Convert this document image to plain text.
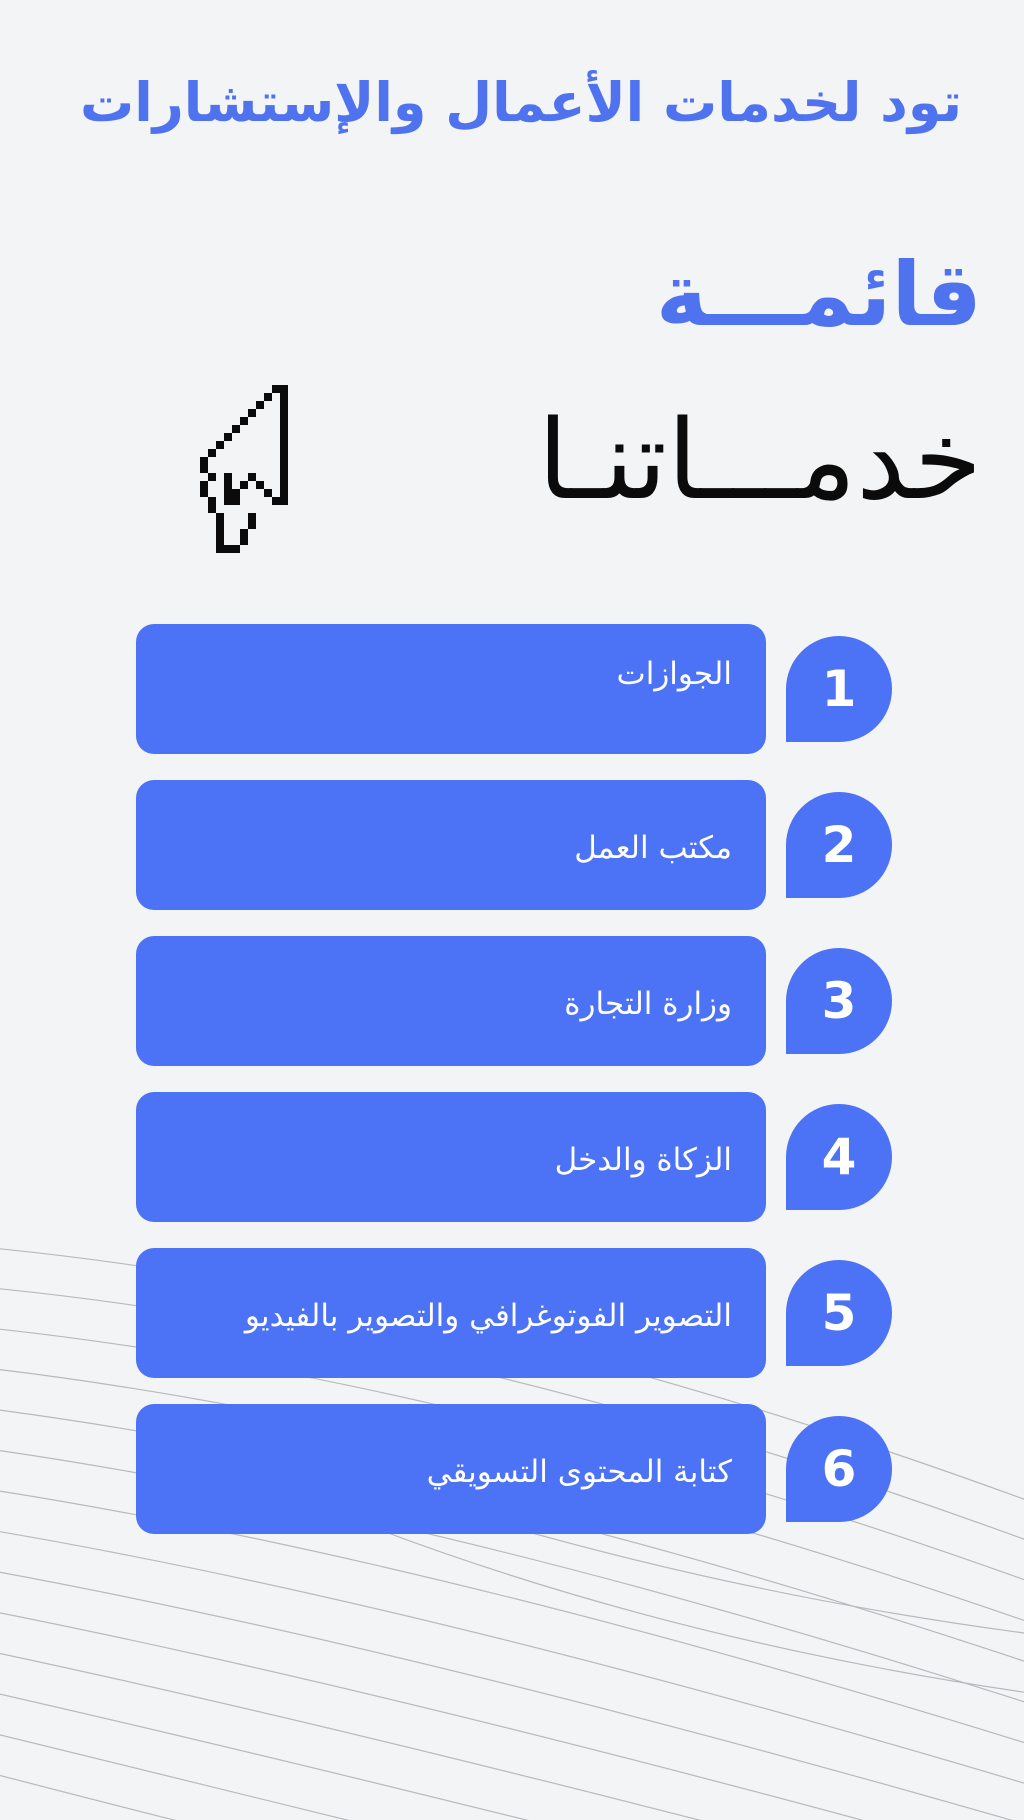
تود لخدمات الأعمال والإستشارات
قائمـــة
خدمـــاتنـا
الجوازات	1
مكتب العمل	2
وزارة التجارة	3
الزكاة والدخل	4
التصوير الفوتوغرافي والتصوير بالفيديو	5
كتابة المحتوى التسويقي	6
